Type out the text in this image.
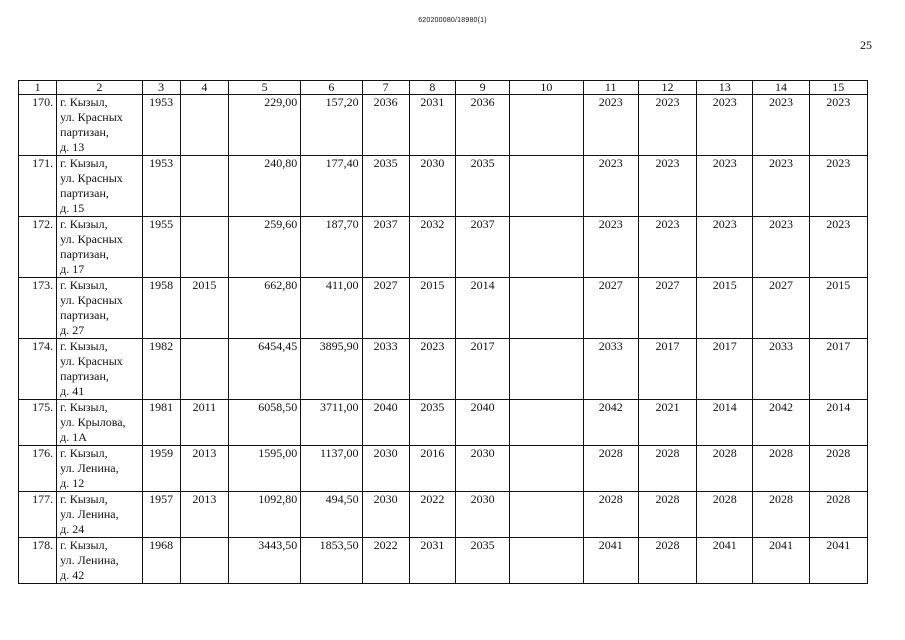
620200080/18980(1)
25
1	2	3	4	5	6	7	8	9	10	11	12	13	14	15
170.	г. Кызыл,
ул. Красных
партизан,
д. 13	1953		229,00	157,20	2036	2031	2036		2023	2023	2023	2023	2023
171.	г. Кызыл,
ул. Красных
партизан,
д. 15	1953		240,80	177,40	2035	2030	2035		2023	2023	2023	2023	2023
172.	г. Кызыл,
ул. Красных
партизан,
д. 17	1955		259,60	187,70	2037	2032	2037		2023	2023	2023	2023	2023
173.	г. Кызыл,
ул. Красных
партизан,
д. 27	1958	2015	662,80	411,00	2027	2015	2014		2027	2027	2015	2027	2015
174.	г. Кызыл,
ул. Красных
партизан,
д. 41	1982		6454,45	3895,90	2033	2023	2017		2033	2017	2017	2033	2017
175.	г. Кызыл,
ул. Крылова,
д. 1А	1981	2011	6058,50	3711,00	2040	2035	2040		2042	2021	2014	2042	2014
176.	г. Кызыл,
ул. Ленина,
д. 12	1959	2013	1595,00	1137,00	2030	2016	2030		2028	2028	2028	2028	2028
177.	г. Кызыл,
ул. Ленина,
д. 24	1957	2013	1092,80	494,50	2030	2022	2030		2028	2028	2028	2028	2028
178.	г. Кызыл,
ул. Ленина,
д. 42	1968		3443,50	1853,50	2022	2031	2035		2041	2028	2041	2041	2041
